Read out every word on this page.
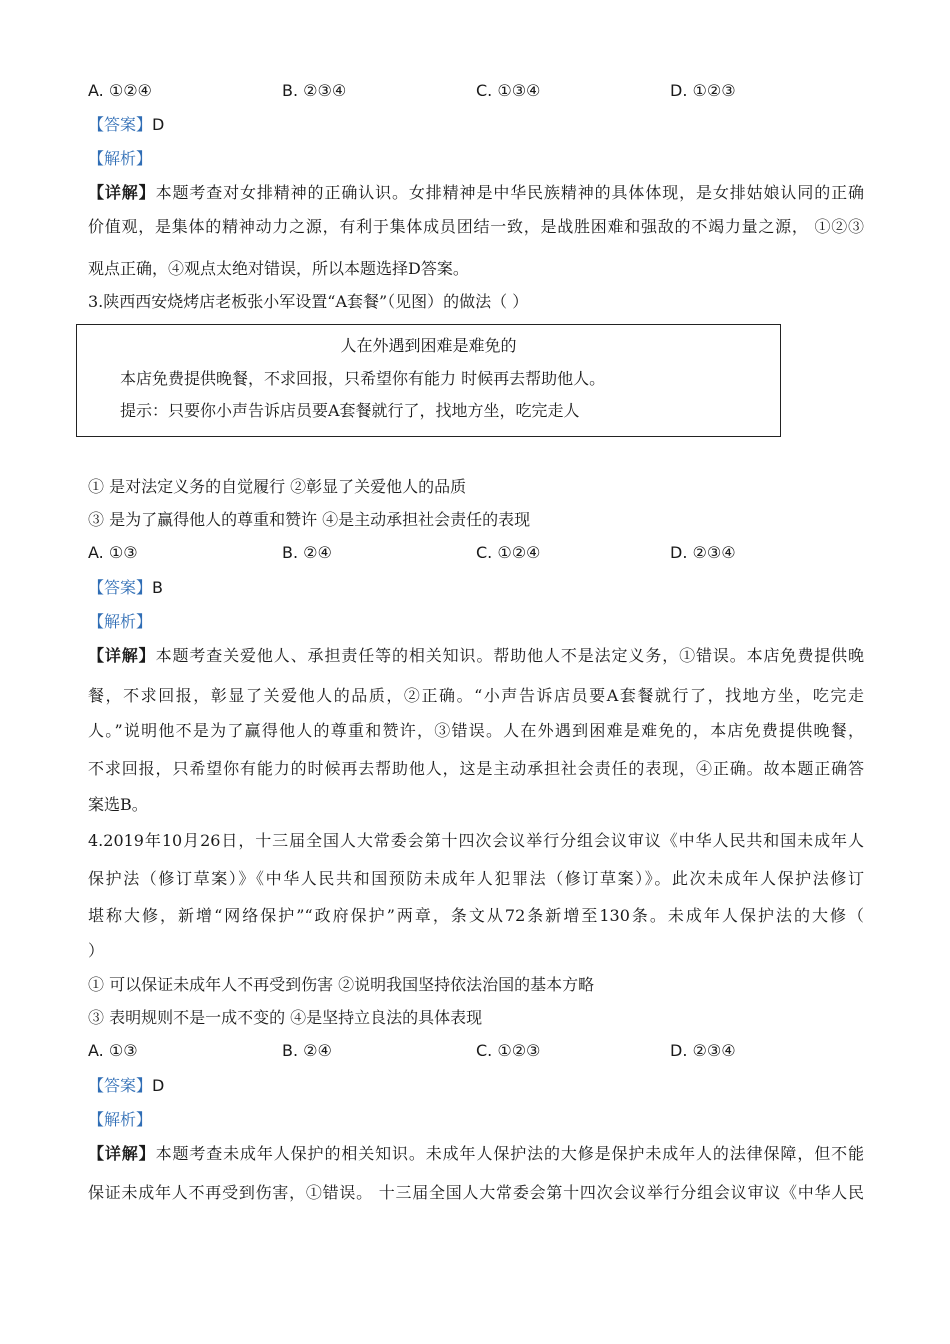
A. ①②④	B. ②③④	C. ①③④	D. ①②③
【答案】D
【解析】
【详解】本题考查对女排精神的正确认识。女排精神是中华民族精神的具体体现，是女排姑娘认同的正确
价值观，是集体的精神动力之源，有利于集体成员团结一致，是战胜困难和强敌的不竭力量之源， ①②③
观点正确，④观点太绝对错误，所以本题选择D答案。
3.陕西西安烧烤店老板张小军设置“A套餐”（见图）的做法（ ）
人在外遇到困难是难免的
本店免费提供晚餐，不求回报，只希望你有能力 时候再去帮助他人。
提示：只要你小声告诉店员要A套餐就行了，找地方坐，吃完走人
① 是对法定义务的自觉履行 ②彰显了关爱他人的品质
③ 是为了赢得他人的尊重和赞许 ④是主动承担社会责任的表现
A. ①③	B. ②④	C. ①②④	D. ②③④
【答案】B
【解析】
【详解】本题考查关爱他人、承担责任等的相关知识。帮助他人不是法定义务，①错误。本店免费提供晚
餐，不求回报，彰显了关爱他人的品质，②正确。“小声告诉店员要A套餐就行了，找地方坐，吃完走
人。”说明他不是为了赢得他人的尊重和赞许，③错误。人在外遇到困难是难免的，本店免费提供晚餐，
不求回报，只希望你有能力的时候再去帮助他人，这是主动承担社会责任的表现，④正确。故本题正确答
案选B。
4.2019年10月26日，十三届全国人大常委会第十四次会议举行分组会议审议《中华人民共和国未成年人
保护法（修订草案）》《中华人民共和国预防未成年人犯罪法（修订草案）》。此次未成年人保护法修订
堪称大修，新增“网络保护”“政府保护”两章，条文从72条新增至130条。未成年人保护法的大修（
）
① 可以保证未成年人不再受到伤害 ②说明我国坚持依法治国的基本方略
③ 表明规则不是一成不变的 ④是坚持立良法的具体表现
A. ①③	B. ②④	C. ①②③	D. ②③④
【答案】D
【解析】
【详解】本题考查未成年人保护的相关知识。未成年人保护法的大修是保护未成年人的法律保障，但不能
保证未成年人不再受到伤害，①错误。 十三届全国人大常委会第十四次会议举行分组会议审议《中华人民
